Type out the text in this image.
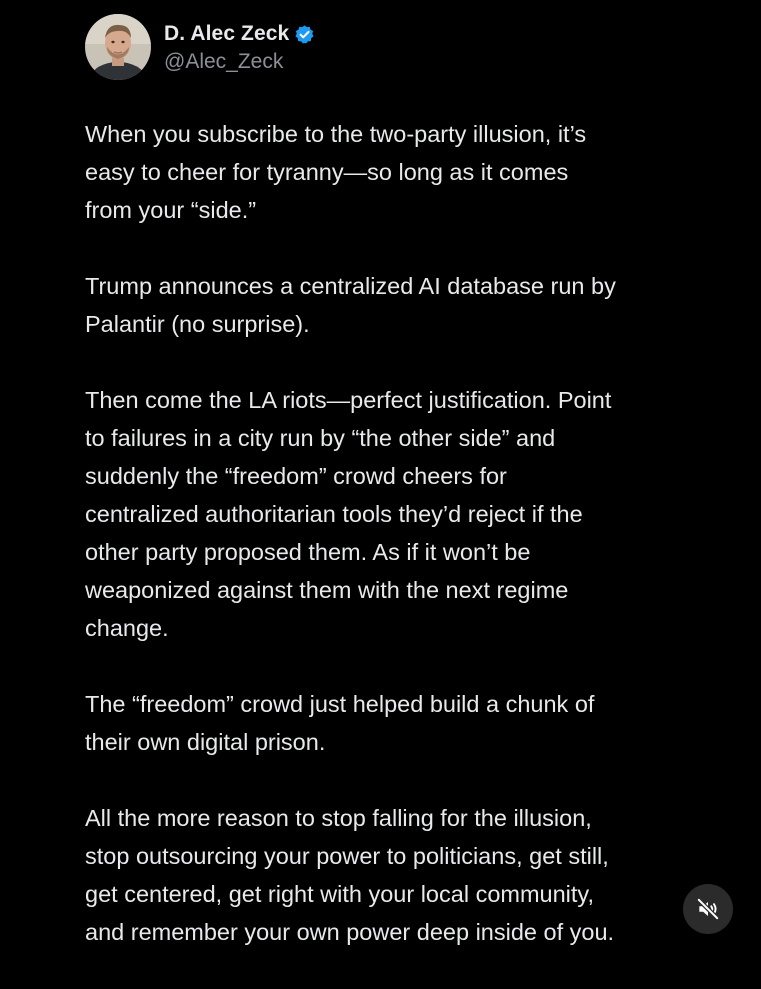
D. Alec Zeck
@Alec_Zeck

When you subscribe to the two-party illusion, it’s
easy to cheer for tyranny—so long as it comes
from your “side.”

Trump announces a centralized AI database run by
Palantir (no surprise).

Then come the LA riots—perfect justification. Point
to failures in a city run by “the other side” and
suddenly the “freedom” crowd cheers for
centralized authoritarian tools they’d reject if the
other party proposed them. As if it won’t be
weaponized against them with the next regime
change.

The “freedom” crowd just helped build a chunk of
their own digital prison.

All the more reason to stop falling for the illusion,
stop outsourcing your power to politicians, get still,
get centered, get right with your local community,
and remember your own power deep inside of you.
